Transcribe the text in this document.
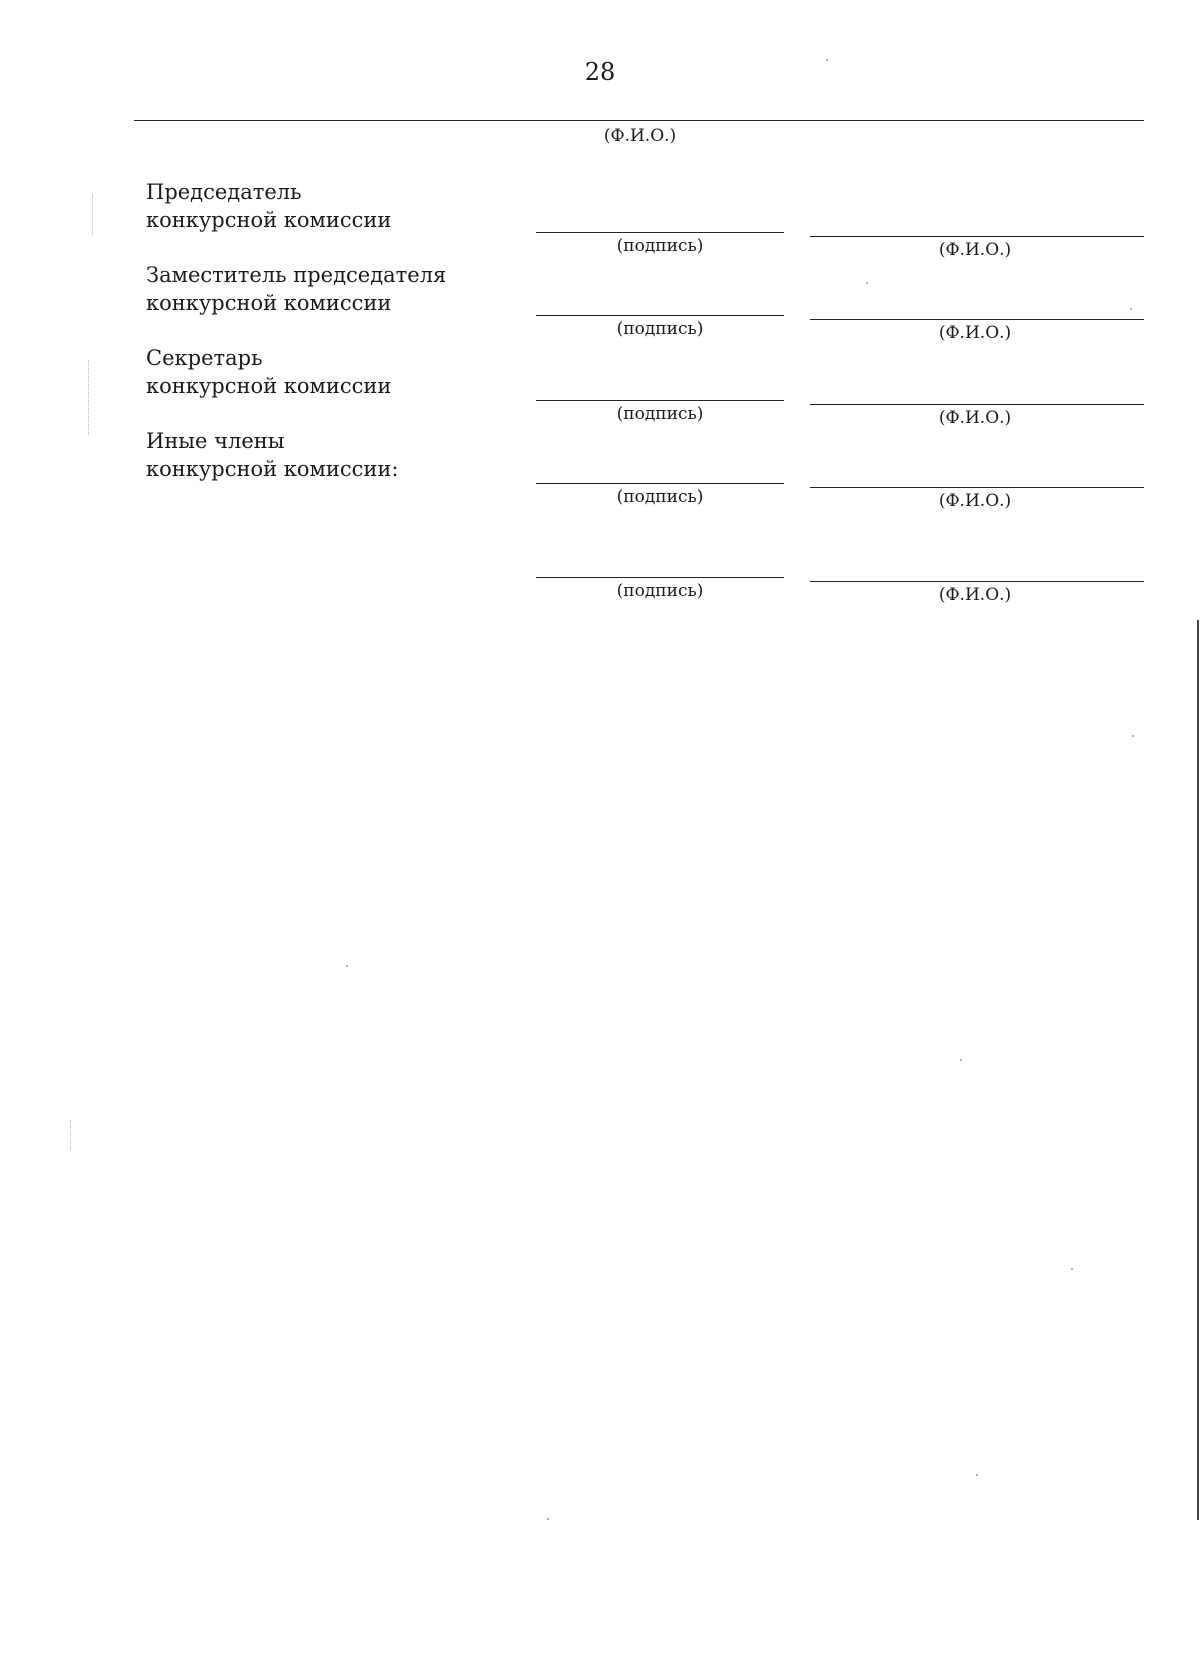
28
(Ф.И.О.)
Председатель
конкурсной комиссии
(подпись)	(Ф.И.О.)
Заместитель председателя
конкурсной комиссии
(подпись)	(Ф.И.О.)
Секретарь
конкурсной комиссии
(подпись)	(Ф.И.О.)
Иные члены
конкурсной комиссии:
(подпись)	(Ф.И.О.)
(подпись)	(Ф.И.О.)
